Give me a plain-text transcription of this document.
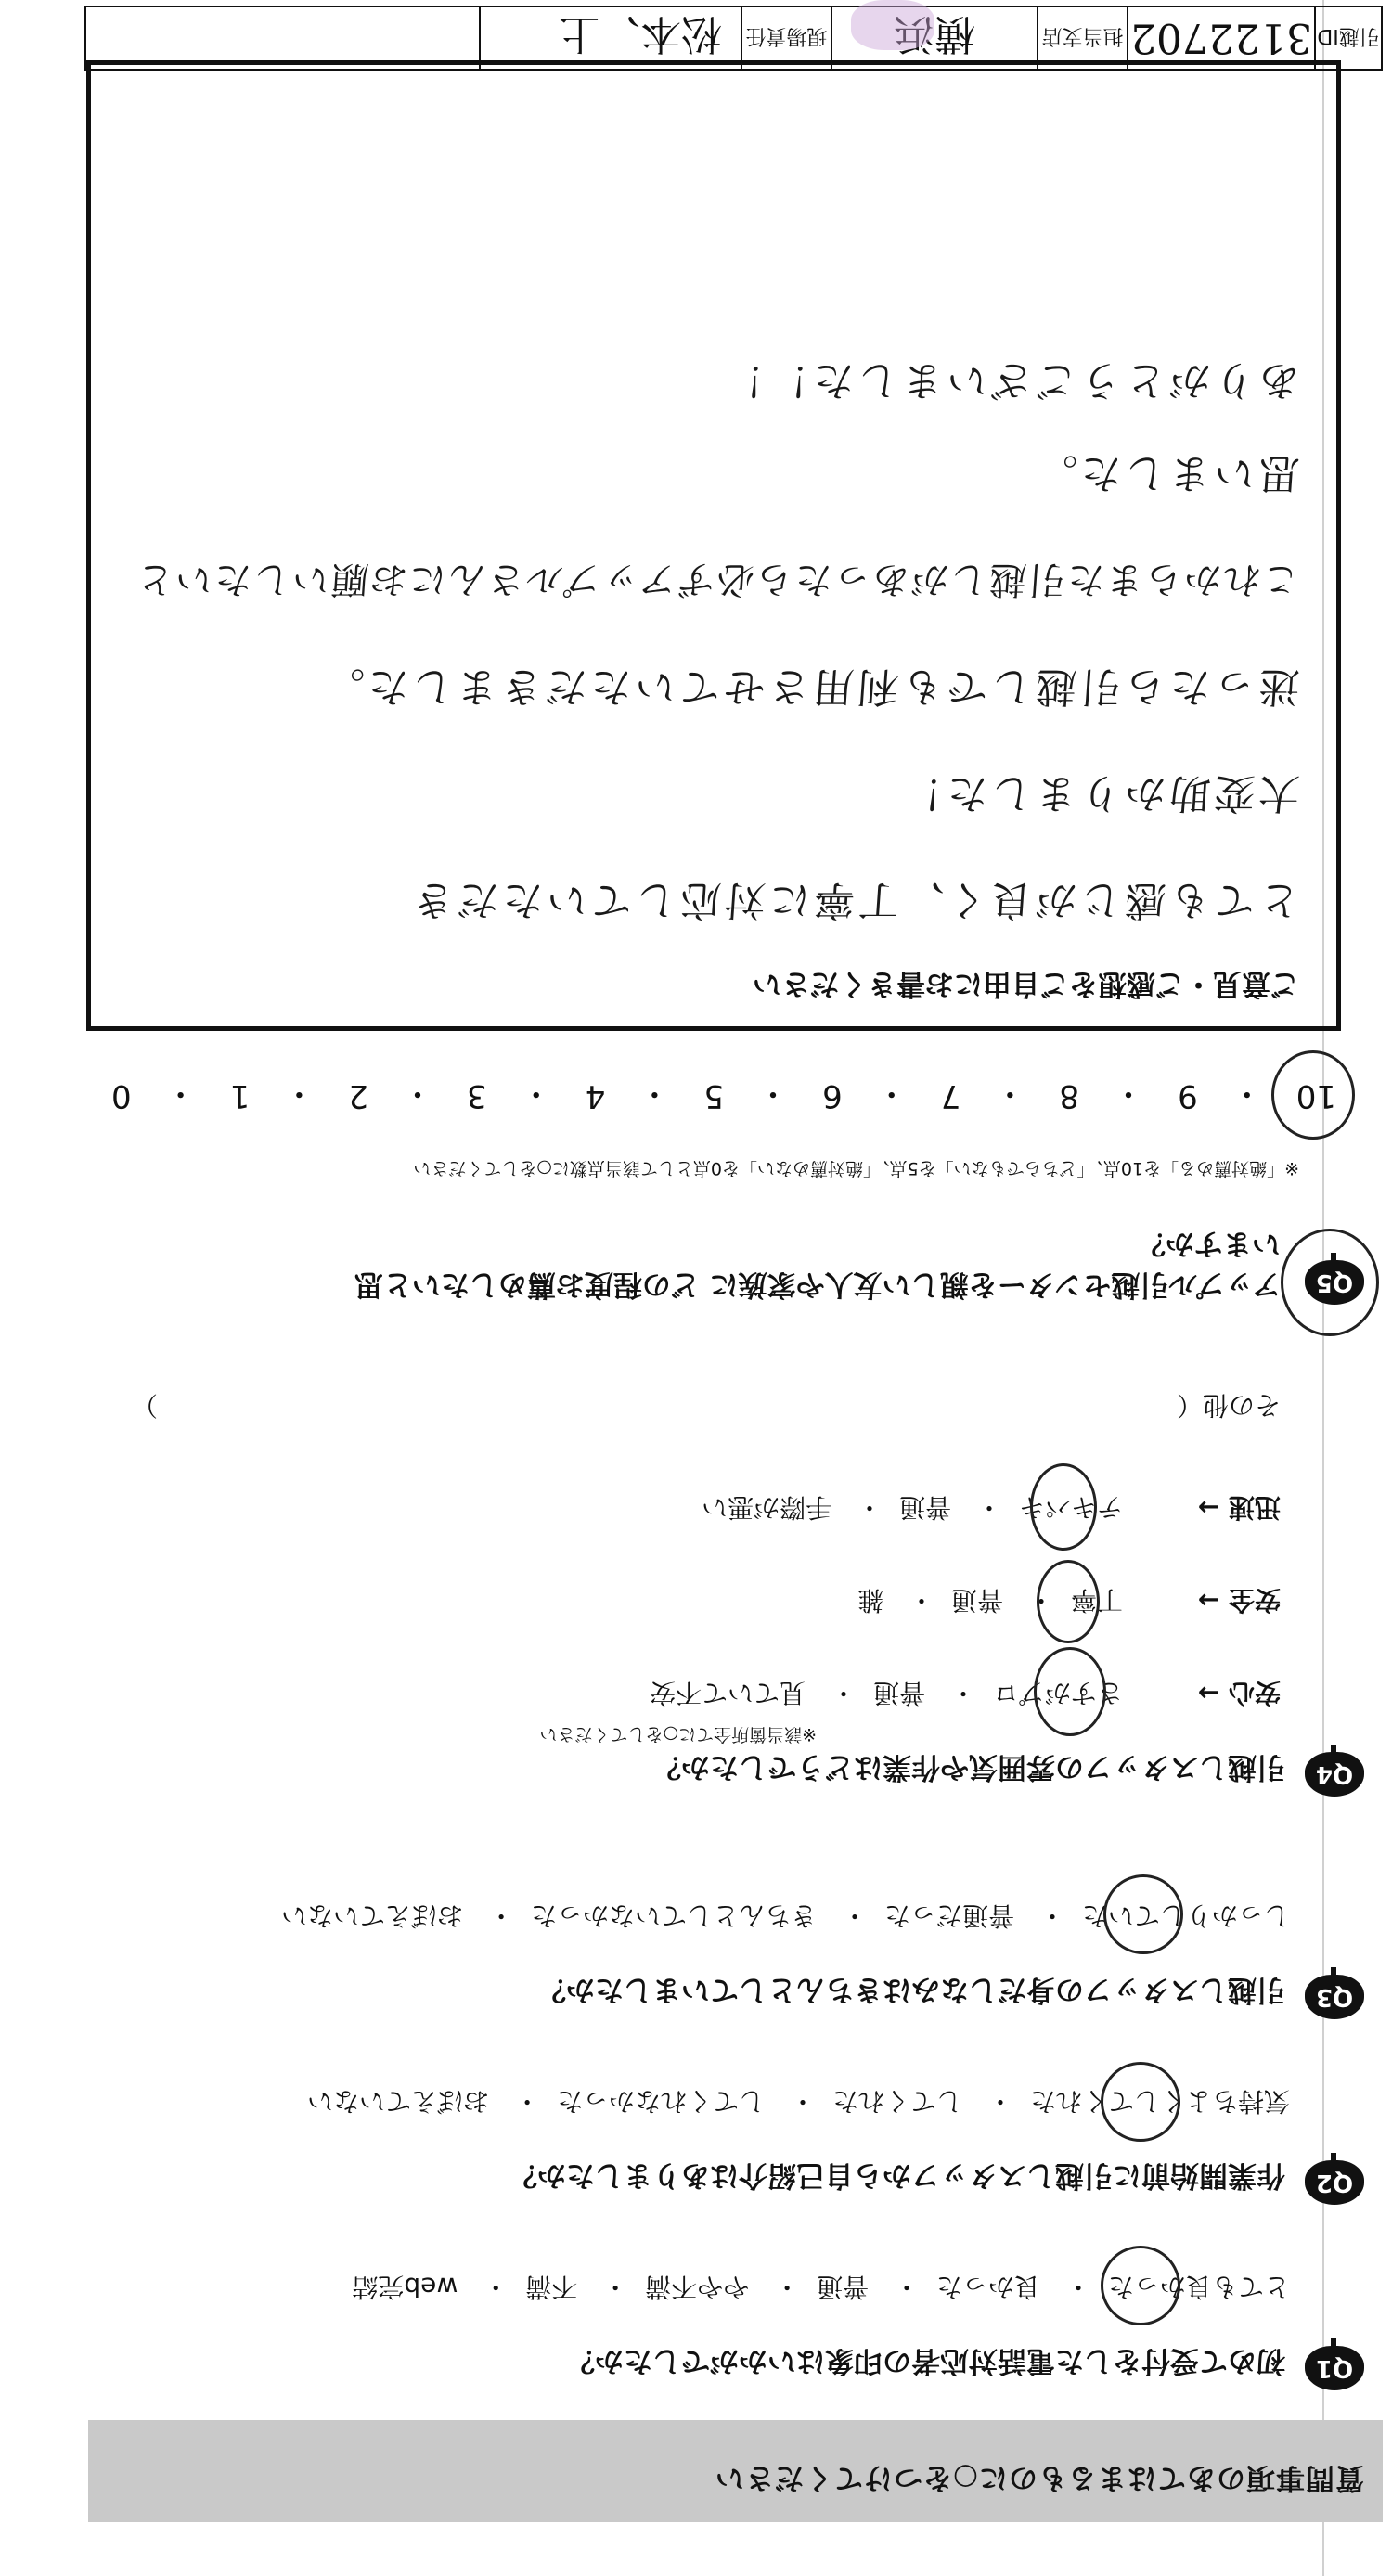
質問事項のあてはまるものに○をつけてください
Q1
初めて受付をした電話対応者の印象はいかがでしたか？
とても良かった・ 良かった・ 普通・ やや不満・ 不満・ web完結
Q2
作業開始前に引越しスタッフから自己紹介はありましたか？
気持ちよくしてくれた・ してくれた・ してくれなかった・ おぼえていない
Q3
引越しスタッフの身だしなみはきちんとしていましたか？
しっかりしていた・ 普通だった・ きちんとしていなかった・ おぼえていない
Q4
引越しスタッフの雰囲気や作業はどうでしたか？
※該当箇所全てに○をしてください
安心 →
さすがプロ・ 普通・ 見ていて不安
安全 →
丁寧・ 普通・ 雑
迅速 →
テキパキ・ 普通・ 手際が悪い
その他（
）
Q5
アップル引越センターを親しい友人や家族に どの程度お薦めしたいと思いますか？
※「絶対薦める」を10点、「どちらでもない」を5点、「絶対薦めない」を0点として該当点数に○をしてください
10
・
9
・
8
・
7
・
6
・
5
・
4
・
3
・
2
・
1
・
0
ご意見・ご感想をご自由にお書きください
とても感じが良く、丁寧に対応していただき
大変助かりました！
迷ったら引越しでも利用させていただきました。
これからまた引越しがあったら必ずアップルさんにお願いしたいと
思いました。
ありがとうございました！！
引越ID
3122702
担当支店
横浜
現場責任
松本、上
